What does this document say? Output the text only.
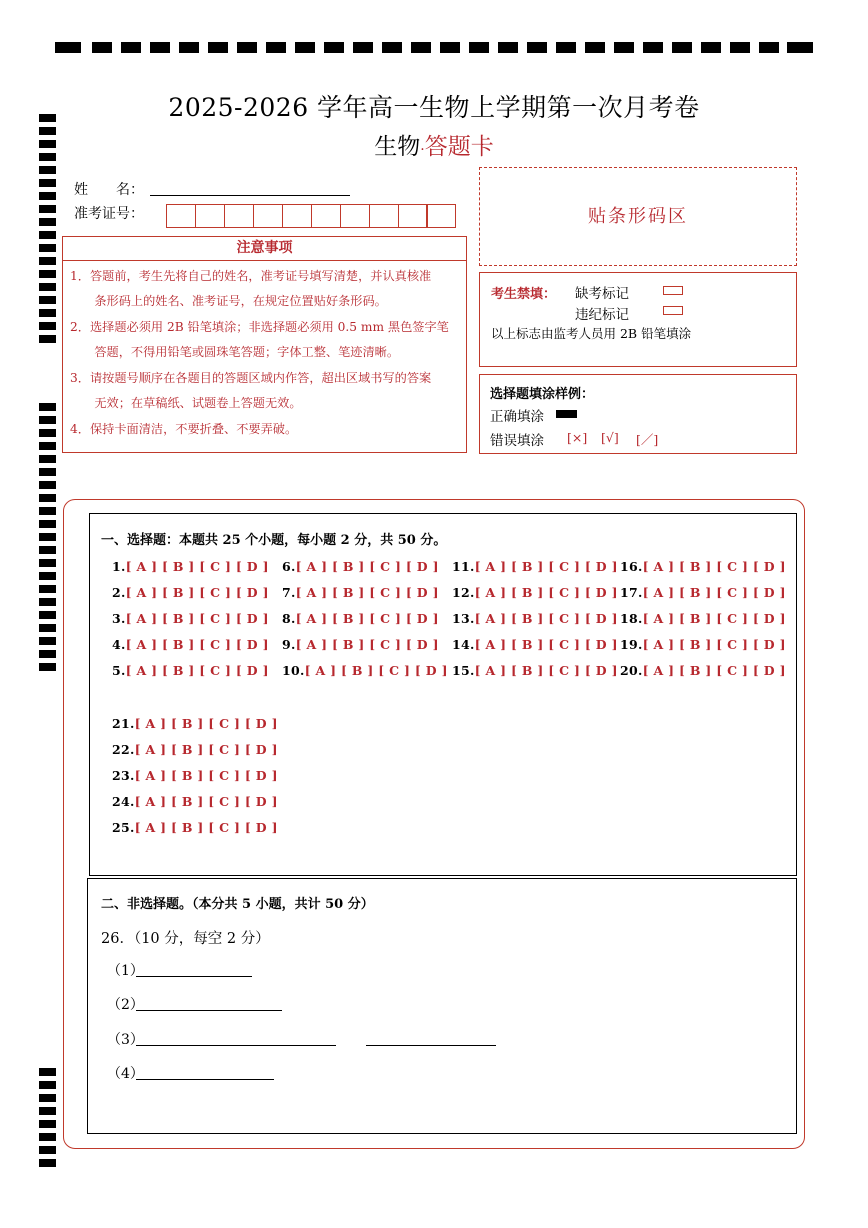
2025-2026 学年高一生物上学期第一次月考卷
生物·答题卡
姓　　名：
准考证号：	贴条形码区
注意事项
1．答题前，考生先将自己的姓名，准考证号填写清楚，并认真核准
　　条形码上的姓名、准考证号，在规定位置贴好条形码。
2．选择题必须用 2B 铅笔填涂；非选择题必须用 0.5 mm 黑色签字笔
　　答题，不得用铅笔或圆珠笔答题；字体工整、笔迹清晰。
3．请按题号顺序在各题目的答题区域内作答，超出区域书写的答案
　　无效；在草稿纸、试题卷上答题无效。
4．保持卡面清洁，不要折叠、不要弄破。
考生禁填： 缺考标记
违纪标记
以上标志由监考人员用 2B 铅笔填涂
选择题填涂样例：
正确填涂
错误填涂 [×] [√] [／]
一、选择题：本题共 25 个小题，每小题 2 分，共 50 分。
1.[ A ] [ B ] [ C ] [ D ]
2.[ A ] [ B ] [ C ] [ D ]
3.[ A ] [ B ] [ C ] [ D ]
4.[ A ] [ B ] [ C ] [ D ]
5.[ A ] [ B ] [ C ] [ D ]
6.[ A ] [ B ] [ C ] [ D ]
7.[ A ] [ B ] [ C ] [ D ]
8.[ A ] [ B ] [ C ] [ D ]
9.[ A ] [ B ] [ C ] [ D ]
10.[ A ] [ B ] [ C ] [ D ]
11.[ A ] [ B ] [ C ] [ D ]
12.[ A ] [ B ] [ C ] [ D ]
13.[ A ] [ B ] [ C ] [ D ]
14.[ A ] [ B ] [ C ] [ D ]
15.[ A ] [ B ] [ C ] [ D ]
16.[ A ] [ B ] [ C ] [ D ]
17.[ A ] [ B ] [ C ] [ D ]
18.[ A ] [ B ] [ C ] [ D ]
19.[ A ] [ B ] [ C ] [ D ]
20.[ A ] [ B ] [ C ] [ D ]
21.[ A ] [ B ] [ C ] [ D ]
22.[ A ] [ B ] [ C ] [ D ]
23.[ A ] [ B ] [ C ] [ D ]
24.[ A ] [ B ] [ C ] [ D ]
25.[ A ] [ B ] [ C ] [ D ]
二、非选择题。（本分共 5 小题，共计 50 分）
26．（10 分，每空 2 分）
（1）
（2）
（3）
（4）
